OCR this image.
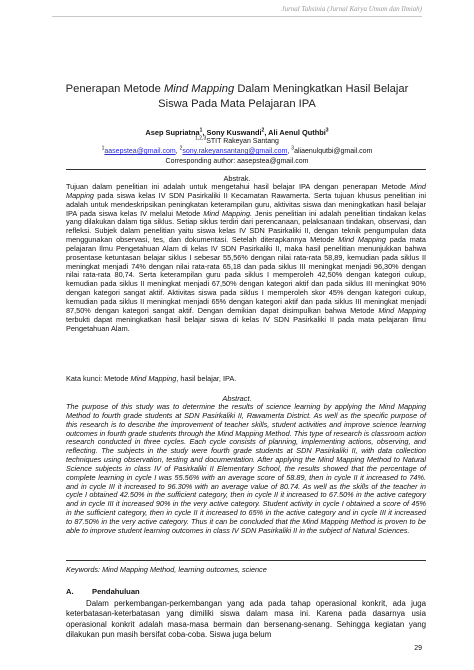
Jurnal Tahsinia (Jurnal Karya Umum dan Ilmiah)
Penerapan Metode Mind Mapping Dalam Meningkatkan Hasil Belajar Siswa Pada Mata Pelajaran IPA
Asep Supriatna$^1$, Sony Kuswandi$^2$, Ali Aenul Quthbi$^3$
$^{1,2,3}$STIT Rakeyan Santang
$^1$aasepstea@gmail.com, $^2$sony.rakeyansantang@gmail.com, $^3$aliaenulqutbi@gmail.com
Corresponding author: aasepstea@gmail.com
Abstrak.
Tujuan dalam penelitian ini adalah untuk mengetahui hasil belajar IPA dengan penerapan Metode Mind Mapping pada siswa kelas IV SDN Pasirkaliki II Kecamatan Rawamerta. Serta tujuan khusus penelitian ini adalah untuk mendeskripsikan peningkatan keterampilan guru, aktivitas siswa dan meningkatkan hasil belajar IPA pada siswa kelas IV melalui Metode Mind Mapping. Jenis penelitian ini adalah penelitian tindakan kelas yang dilakukan dalam tiga siklus. Setiap siklus terdiri dari perencanaan, pelaksanaan tindakan, observasi, dan refleksi. Subjek dalam penelitian yaitu siswa kelas IV SDN Pasirkaliki II, dengan teknik pengumpulan data menggunakan observasi, tes, dan dokumentasi. Setelah diterapkannya Metode Mind Mapping pada mata pelajaran Ilmu Pengetahuan Alam di kelas IV SDN Pasirkaliki II, maka hasil penelitian menunjukkan bahwa prosentase ketuntasan belajar siklus I sebesar 55,56% dengan nilai rata-rata 58,89, kemudian pada siklus II meningkat menjadi 74% dengan nilai rata-rata 65,18 dan pada siklus III meningkat menjadi 96,30% dengan nilai rata-rata 80,74. Serta keterampilan guru pada siklus I memperoleh 42,50% dengan kategori cukup, kemudian pada siklus II meningkat menjadi 67,50% dengan kategori aktif dan pada siklus III meningkat 90% dengan kategori sangat aktif. Aktivitas siswa pada siklus I memperoleh skor 45% dengan kategori cukup, kemudian pada siklus II meningkat menjadi 65% dengan kategori aktif dan pada siklus III meningkat menjadi 87,50% dengan kategori sangat aktif. Dengan demikian dapat disimpulkan bahwa Metode Mind Mapping terbukti dapat meningkatkan hasil belajar siswa di kelas IV SDN Pasirkaliki II pada mata pelajaran Ilmu Pengetahuan Alam.
Kata kunci: Metode Mind Mapping, hasil belajar, IPA.
Abstract.
The purpose of this study was to determine the results of science learning by applying the Mind Mapping Method to fourth grade students at SDN Pasirkaliki II, Rawamerta District. As well as the specific purpose of this research is to describe the improvement of teacher skills, student activities and improve science learning outcomes in fourth grade students through the Mind Mapping Method. This type of research is classroom action research conducted in three cycles. Each cycle consists of planning, implementing actions, observing, and reflecting. The subjects in the study were fourth grade students at SDN Pasirkaliki II, with data collection techniques using observation, testing and documentation. After applying the Mind Mapping Method to Natural Science subjects in class IV of Pasirkaliki II Elementary School, the results showed that the percentage of complete learning in cycle I was 55.56% with an average score of 58.89, then in cycle II it increased to 74%. and in cycle III it increased to 96.30% with an average value of 80.74. As well as the skills of the teacher in cycle I obtained 42.50% in the sufficient category, then in cycle II it increased to 67.50% in the active category and in cycle III it increased 90% in the very active category. Student activity in cycle I obtained a score of 45% in the sufficient category, then in cycle II it increased to 65% in the active category and in cycle III it increased to 87.50% in the very active category. Thus it can be concluded that the Mind Mapping Method is proven to be able to improve student learning outcomes in class IV SDN Pasirkaliki II in the subject of Natural Sciences.
Keywords: Mind Mapping Method, learning outcomes, science
A. Pendahuluan
Dalam perkembangan-perkembangan yang ada pada tahap operasional konkrit, ada juga keterbatasan-keterbatasan yang dimiliki siswa dalam masa ini. Karena pada dasarnya usia operasional konkrit adalah masa-masa bermain dan bersenang-senang. Sehingga kegiatan yang dilakukan pun masih bersifat coba-coba. Siswa juga belum
29
